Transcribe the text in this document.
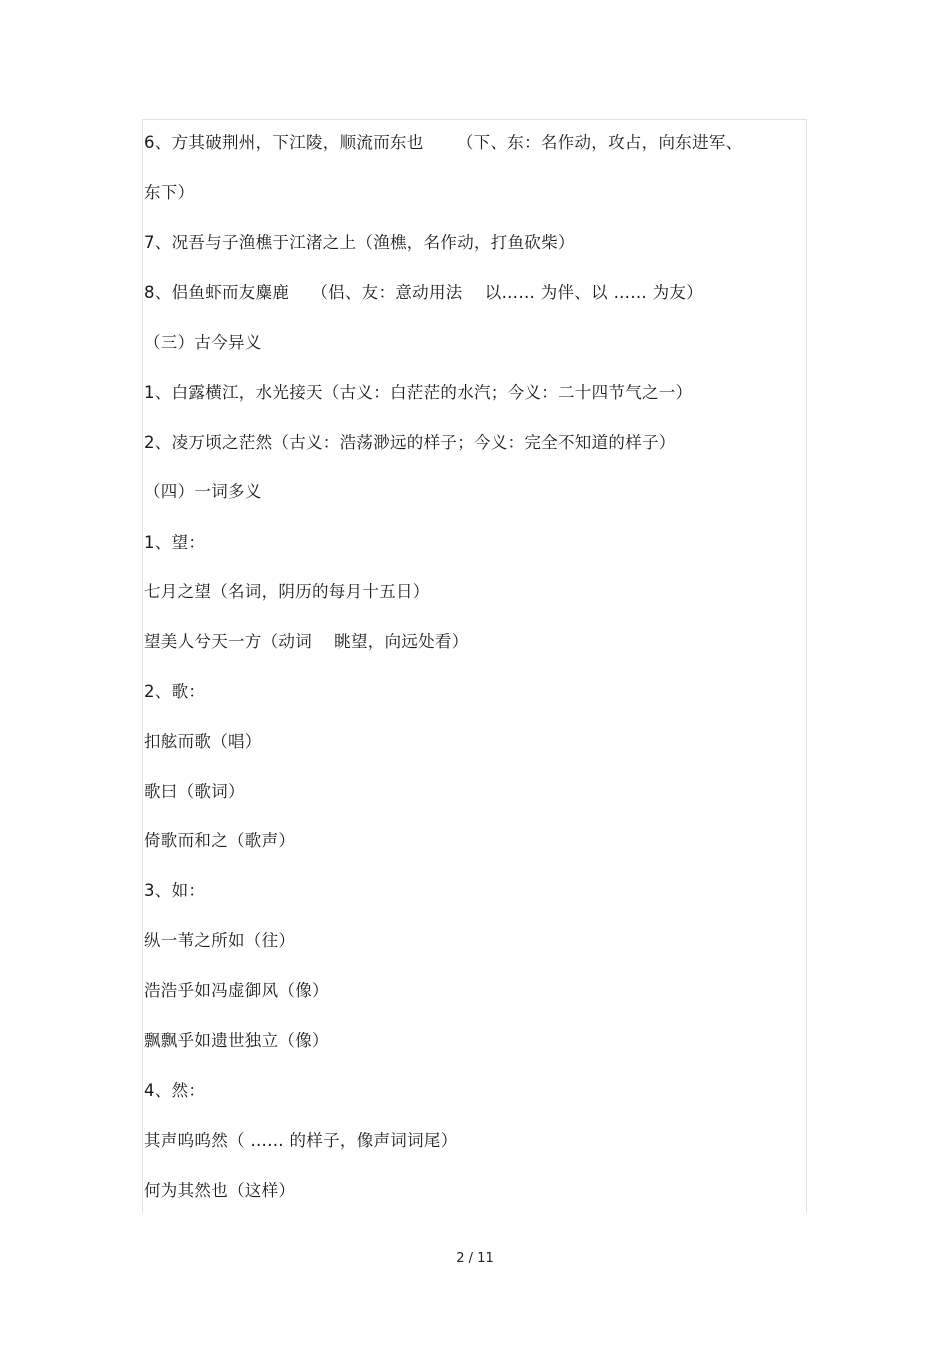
6、方其破荆州，下江陵，顺流而东也      （下、东：名作动，攻占，向东进军、
东下）
7、况吾与子渔樵于江渚之上（渔樵，名作动，打鱼砍柴）
8、侣鱼虾而友麋鹿    （侣、友：意动用法    以…… 为伴、以 …… 为友）
（三）古今异义
1、白露横江，水光接天（古义：白茫茫的水汽；今义：二十四节气之一）
2、凌万顷之茫然（古义：浩荡渺远的样子；今义：完全不知道的样子）
（四）一词多义
1、望：
七月之望（名词，阴历的每月十五日）
望美人兮天一方（动词    眺望，向远处看）
2、歌：
扣舷而歌（唱）
歌曰（歌词）
倚歌而和之（歌声）
3、如：
纵一苇之所如（往）
浩浩乎如冯虚御风（像）
飘飘乎如遗世独立（像）
4、然：
其声呜呜然（ …… 的样子，像声词词尾）
何为其然也（这样）
2 / 11
